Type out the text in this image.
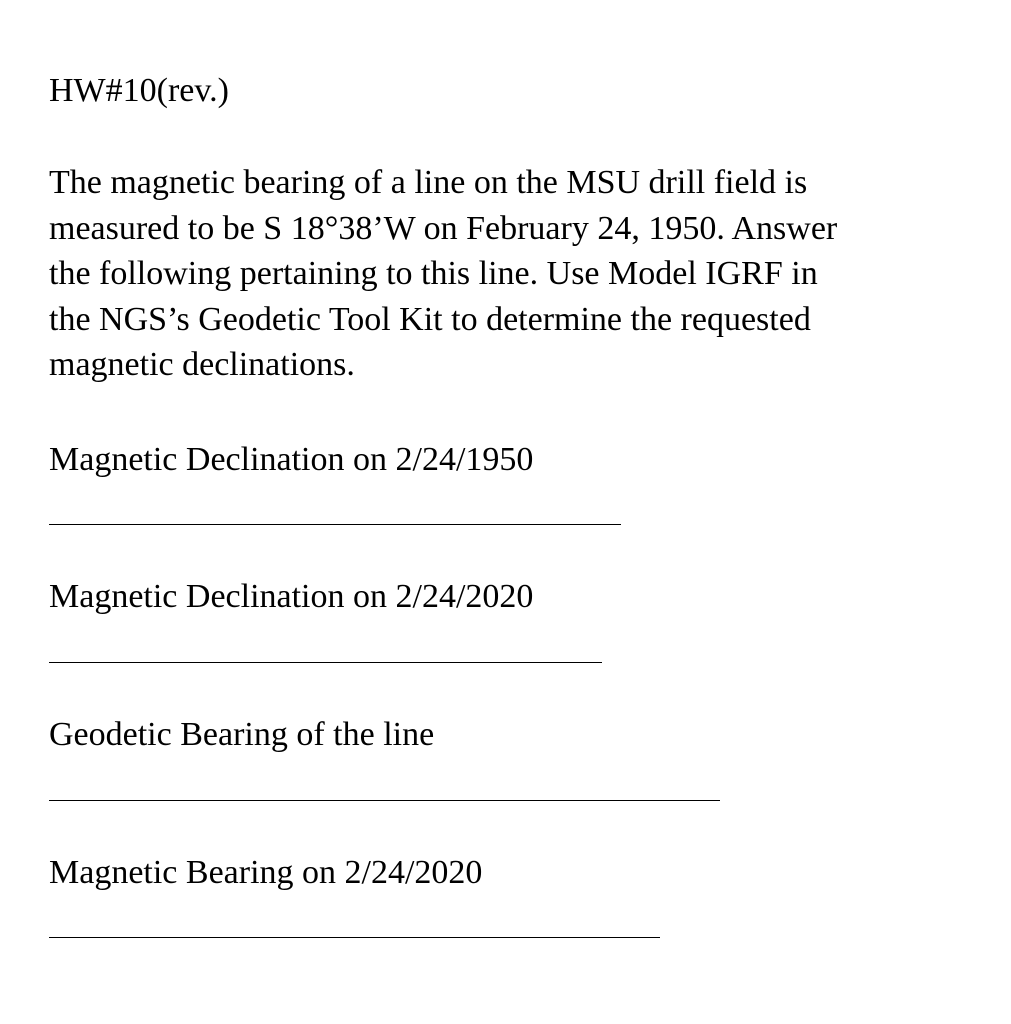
HW#10(rev.)
The magnetic bearing of a line on the MSU drill field is
measured to be S 18°38’W on February 24, 1950. Answer
the following pertaining to this line. Use Model IGRF in
the NGS’s Geodetic Tool Kit to determine the requested
magnetic declinations.
Magnetic Declination on 2/24/1950
Magnetic Declination on 2/24/2020
Geodetic Bearing of the line
Magnetic Bearing on 2/24/2020
